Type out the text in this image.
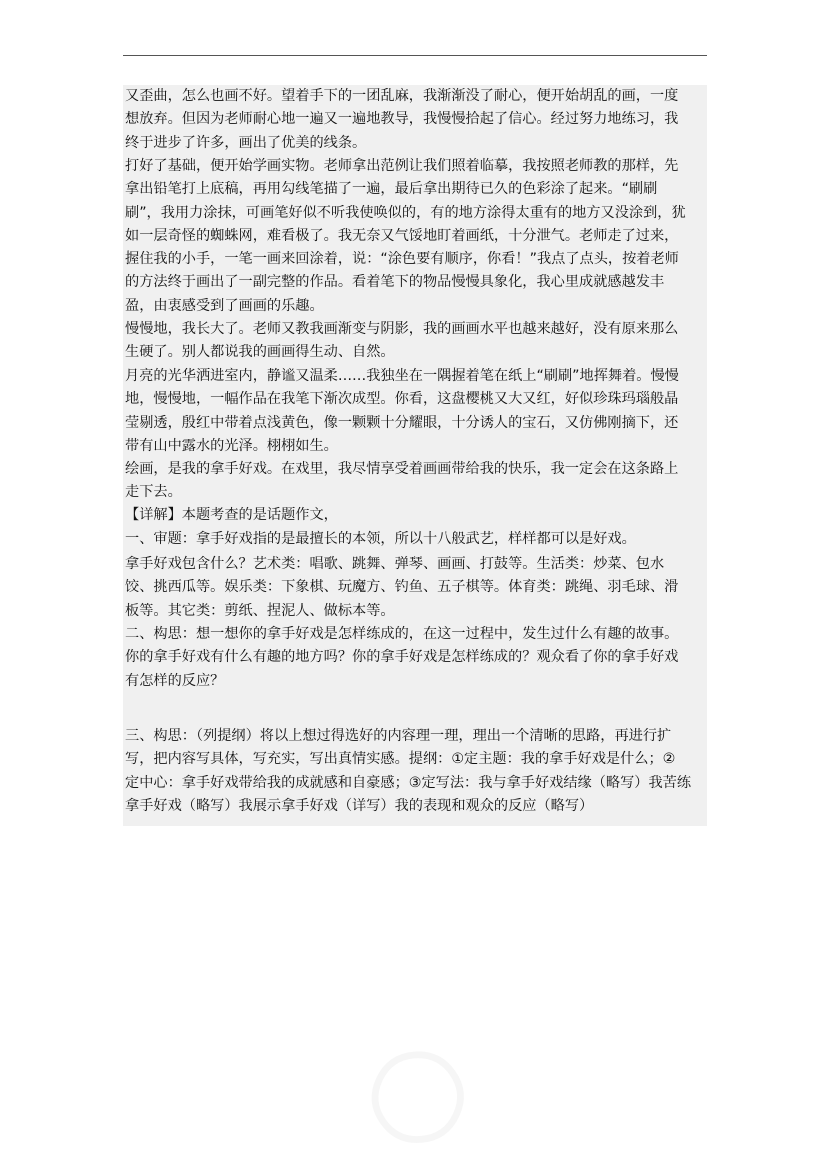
又歪曲，怎么也画不好。望着手下的一团乱麻，我渐渐没了耐心，便开始胡乱的画，一度
想放弃。但因为老师耐心地一遍又一遍地教导，我慢慢拾起了信心。经过努力地练习，我
终于进步了许多，画出了优美的线条。
打好了基础，便开始学画实物。老师拿出范例让我们照着临摹，我按照老师教的那样，先
拿出铅笔打上底稿，再用勾线笔描了一遍，最后拿出期待已久的色彩涂了起来。“刷刷
刷”，我用力涂抹，可画笔好似不听我使唤似的，有的地方涂得太重有的地方又没涂到，犹
如一层奇怪的蜘蛛网，难看极了。我无奈又气馁地盯着画纸，十分泄气。老师走了过来，
握住我的小手，一笔一画来回涂着，说：“涂色要有顺序，你看！”我点了点头，按着老师
的方法终于画出了一副完整的作品。看着笔下的物品慢慢具象化，我心里成就感越发丰
盈，由衷感受到了画画的乐趣。
慢慢地，我长大了。老师又教我画渐变与阴影，我的画画水平也越来越好，没有原来那么
生硬了。别人都说我的画画得生动、自然。
月亮的光华洒进室内，静谧又温柔……我独坐在一隅握着笔在纸上“刷刷”地挥舞着。慢慢
地，慢慢地，一幅作品在我笔下渐次成型。你看，这盘樱桃又大又红，好似珍珠玛瑙般晶
莹剔透，殷红中带着点浅黄色，像一颗颗十分耀眼，十分诱人的宝石，又仿佛刚摘下，还
带有山中露水的光泽。栩栩如生。
绘画，是我的拿手好戏。在戏里，我尽情享受着画画带给我的快乐，我一定会在这条路上
走下去。
【详解】本题考查的是话题作文，
一、审题：拿手好戏指的是最擅长的本领，所以十八般武艺，样样都可以是好戏。
拿手好戏包含什么？艺术类：唱歌、跳舞、弹琴、画画、打鼓等。生活类：炒菜、包水
饺、挑西瓜等。娱乐类：下象棋、玩魔方、钓鱼、五子棋等。体育类：跳绳、羽毛球、滑
板等。其它类：剪纸、捏泥人、做标本等。
二、构思：想一想你的拿手好戏是怎样练成的，在这一过程中，发生过什么有趣的故事。
你的拿手好戏有什么有趣的地方吗？你的拿手好戏是怎样练成的？观众看了你的拿手好戏
有怎样的反应？
三、构思：（列提纲）将以上想过得选好的内容理一理，理出一个清晰的思路，再进行扩
写，把内容写具体，写充实，写出真情实感。提纲：①定主题：我的拿手好戏是什么；②
定中心：拿手好戏带给我的成就感和自豪感；③定写法：我与拿手好戏结缘（略写）我苦练
拿手好戏（略写）我展示拿手好戏（详写）我的表现和观众的反应（略写）
